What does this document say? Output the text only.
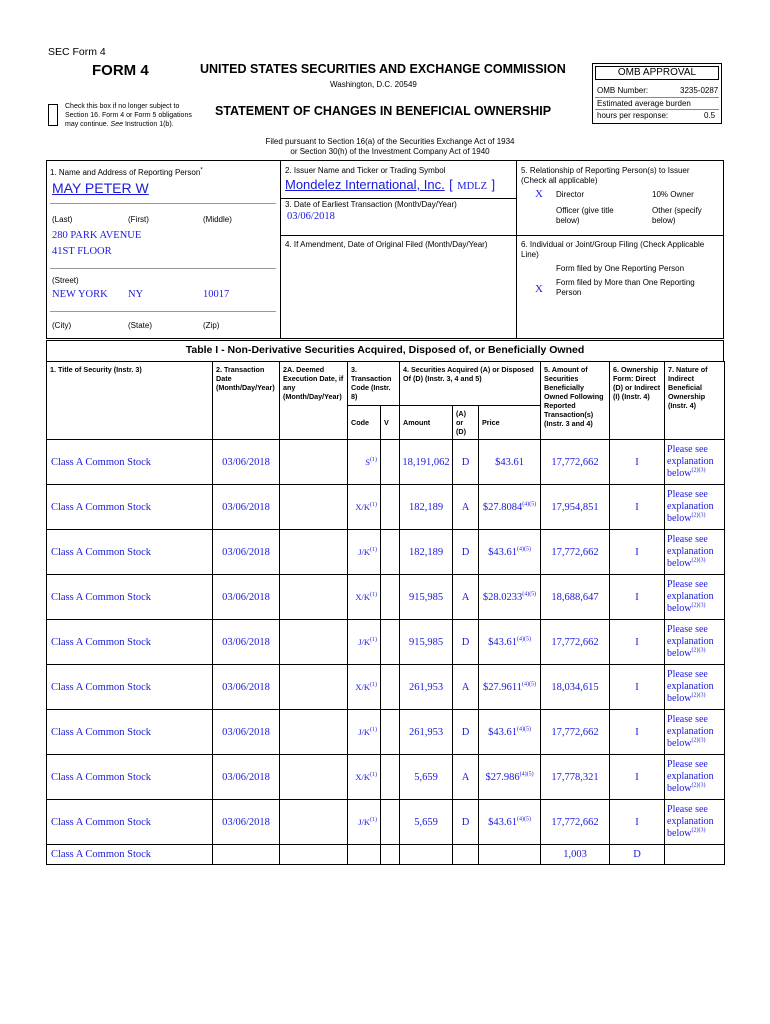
SEC Form 4
FORM 4	UNITED STATES SECURITIES AND EXCHANGE COMMISSION
Washington, D.C. 20549
Check this box if no longer subject to Section 16. Form 4 or Form 5 obligations may continue. See Instruction 1(b).
STATEMENT OF CHANGES IN BENEFICIAL OWNERSHIP
Filed pursuant to Section 16(a) of the Securities Exchange Act of 1934
or Section 30(h) of the Investment Company Act of 1940
OMB APPROVAL
OMB Number:	3235-0287
Estimated average burden
hours per response:	0.5
1. Name and Address of Reporting Person*
MAY PETER W
(Last)	(First)	(Middle)
280 PARK AVENUE
41ST FLOOR
(Street)
NEW YORK NY	10017
(City)	(State)	(Zip)
2. Issuer Name and Ticker or Trading Symbol
Mondelez International, Inc. [ MDLZ ]
3. Date of Earliest Transaction (Month/Day/Year)
03/06/2018
4. If Amendment, Date of Original Filed (Month/Day/Year)
5. Relationship of Reporting Person(s) to Issuer
(Check all applicable)
X Director	10% Owner
Officer (give title below)
Other (specify below)
6. Individual or Joint/Group Filing (Check Applicable Line)
Form filed by One Reporting Person
X
Form filed by More than One Reporting Person
Table I - Non-Derivative Securities Acquired, Disposed of, or Beneficially Owned
1. Title of Security (Instr. 3)	2. Transaction Date (Month/Day/Year)	2A. Deemed Execution Date, if any (Month/Day/Year)	3. Transaction Code (Instr. 8)		4. Securities Acquired (A) or Disposed Of (D) (Instr. 3, 4 and 5)			5. Amount of Securities Beneficially Owned Following Reported Transaction(s) (Instr. 3 and 4)	6. Ownership Form: Direct (D) or Indirect (I) (Instr. 4)	7. Nature of Indirect Beneficial Ownership (Instr. 4)
			Code	V	Amount	(A) or (D)	Price			
Class A Common Stock	03/06/2018		$S^{(1)}$		18,191,062	D	$43.61	17,772,662	I	Please see
explanation
below$^{(2)(3)}$

Class A Common Stock	03/06/2018		$X/K^{(1)}$		182,189	A	$\$27.8084^{(4)(5)}$	17,954,851	I	Please see
explanation
below$^{(2)(3)}$

Class A Common Stock	03/06/2018		$J/K^{(1)}$		182,189	D	$\$43.61^{(4)(5)}$	17,772,662	I	Please see
explanation
below$^{(2)(3)}$

Class A Common Stock	03/06/2018		$X/K^{(1)}$		915,985	A	$\$28.0233^{(4)(5)}$	18,688,647	I	Please see
explanation
below$^{(2)(3)}$

Class A Common Stock	03/06/2018		$J/K^{(1)}$		915,985	D	$\$43.61^{(4)(5)}$	17,772,662	I	Please see
explanation
below$^{(2)(3)}$

Class A Common Stock	03/06/2018		$X/K^{(1)}$		261,953	A	$\$27.9611^{(4)(5)}$	18,034,615	I	Please see
explanation
below$^{(2)(3)}$

Class A Common Stock	03/06/2018		$J/K^{(1)}$		261,953	D	$\$43.61^{(4)(5)}$	17,772,662	I	Please see
explanation
below$^{(2)(3)}$

Class A Common Stock	03/06/2018		$X/K^{(1)}$		5,659	A	$\$27.986^{(4)(5)}$	17,778,321	I	Please see
explanation
below$^{(2)(3)}$

Class A Common Stock	03/06/2018		$J/K^{(1)}$		5,659	D	$\$43.61^{(4)(5)}$	17,772,662	I	Please see
explanation
below$^{(2)(3)}$

Class A Common Stock								1,003	D	
